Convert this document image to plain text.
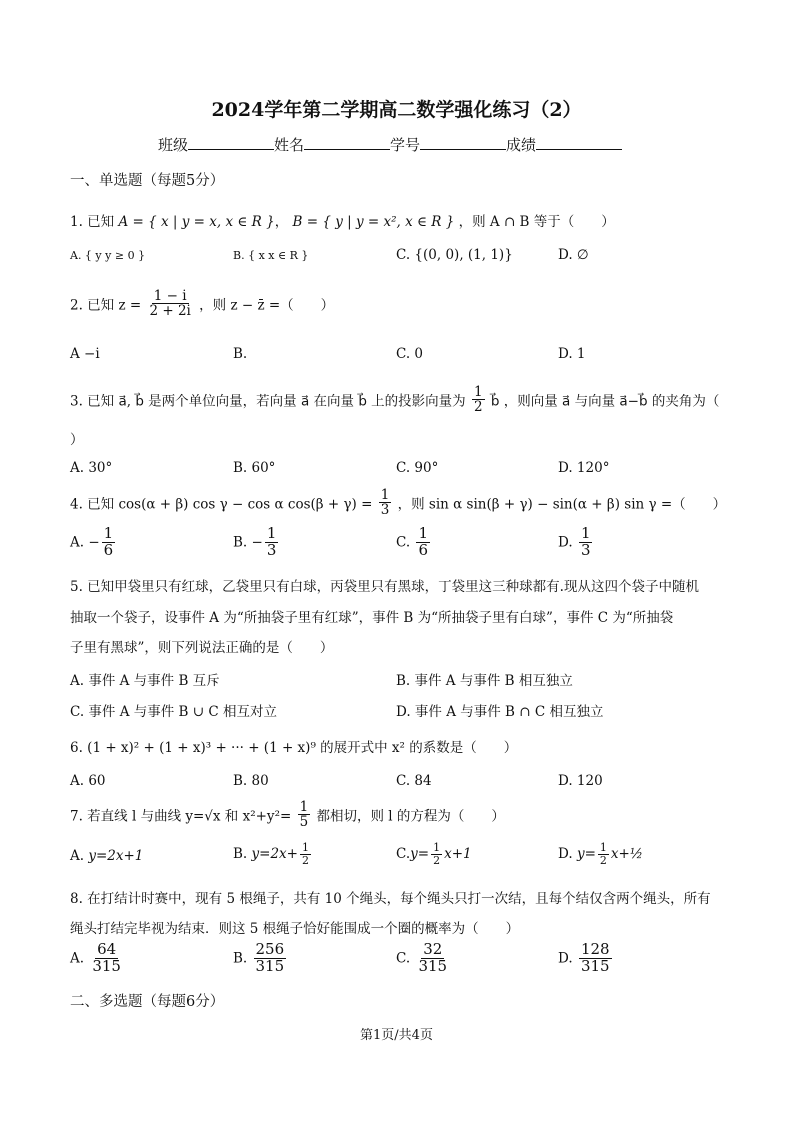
2024学年第二学期高二数学强化练习（2）
班级	姓名	学号	成绩
一、单选题（每题5分）
1. 已知 A = { x | y = x, x ∈ R }， B = { y | y = x², x ∈ R } ，则 A ∩ B 等于（　　）
A. { y y ≥ 0 }	B. { x x ∈ R }	C. {(0, 0), (1, 1)}	D. ∅
2. 已知 $z = \frac{1 - i}{2 + 2i}$ ，则 z − z̄ =（　　）
A −i	B.	C. 0	D. 1
3. 已知 a⃗, b⃗ 是两个单位向量，若向量 a⃗ 在向量 b⃗ 上的投影向量为 $\frac{1}{2}$ b⃗ ，则向量 a⃗ 与向量 a⃗−b⃗ 的夹角为（
）
A. 30°	B. 60°	C. 90°	D. 120°
4. 已知 cos(α + β) cos γ − cos α $\cos(\beta + \gamma) = \frac{1}{3}$ ，则 sin α sin(β + γ) − sin(α + β) sin γ =（　　）
A. − $\frac{1}{6}$	B. − $\frac{1}{3}$	C. $\frac{1}{6}$	D. $\frac{1}{3}$
5. 已知甲袋里只有红球，乙袋里只有白球，丙袋里只有黑球，丁袋里这三种球都有.现从这四个袋子中随机
抽取一个袋子，设事件 A 为“所抽袋子里有红球”，事件 B 为“所抽袋子里有白球”，事件 C 为“所抽袋
子里有黑球”，则下列说法正确的是（　　）
A. 事件 A 与事件 B 互斥	B. 事件 A 与事件 B 相互独立
C. 事件 A 与事件 B ∪ C 相互对立	D. 事件 A 与事件 B ∩ C 相互独立
6. (1 + x)² + (1 + x)³ + ··· + (1 + x)⁹ 的展开式中 x² 的系数是（　　）
A. 60	B. 80	C. 84	D. 120
7. 若直线 l 与曲线 y=√x 和 $x^2+y^2= \frac{1}{5}$ 都相切，则 l 的方程为（　　）
A. y=2x+1	B. $y=2x+ \frac{1}{2}$	$C.y= \frac{1}{2} x+1$	D. $y= \frac{1}{2}$ x+½
8. 在打结计时赛中，现有 5 根绳子，共有 10 个绳头，每个绳头只打一次结，且每个结仅含两个绳头，所有
绳头打结完毕视为结束．则这 5 根绳子恰好能围成一个圈的概率为（　　）
A. $\frac{64}{315}$	B. $\frac{256}{315}$	C. $\frac{32}{315}$	D. $\frac{128}{315}$
二、多选题（每题6分）
第1页/共4页
